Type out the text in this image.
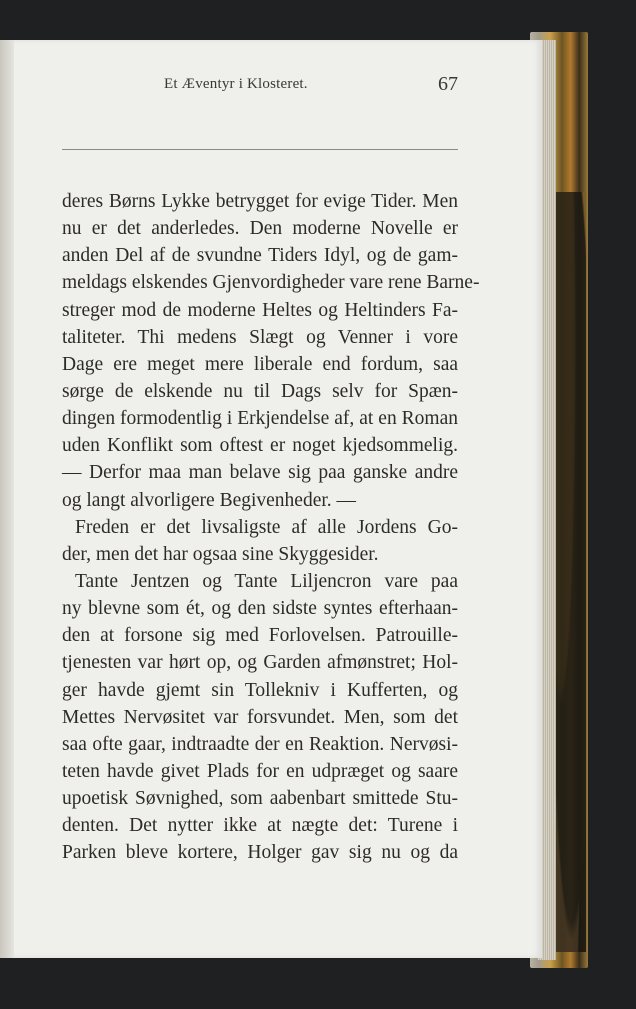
Et Æventyr i Klosteret.	67
deres Børns Lykke betrygget for evige Tider. Men
nu er det anderledes. Den moderne Novelle er
anden Del af de svundne Tiders Idyl, og de gam-
meldags elskendes Gjenvordigheder vare rene Barne-
streger mod de moderne Heltes og Heltinders Fa-
taliteter. Thi medens Slægt og Venner i vore
Dage ere meget mere liberale end fordum, saa
sørge de elskende nu til Dags selv for Spæn-
dingen formodentlig i Erkjendelse af, at en Roman
uden Konflikt som oftest er noget kjedsommelig.
— Derfor maa man belave sig paa ganske andre
og langt alvorligere Begivenheder. —
Freden er det livsaligste af alle Jordens Go-
der, men det har ogsaa sine Skyggesider.
Tante Jentzen og Tante Liljencron vare paa
ny blevne som ét, og den sidste syntes efterhaan-
den at forsone sig med Forlovelsen. Patrouille-
tjenesten var hørt op, og Garden afmønstret; Hol-
ger havde gjemt sin Tollekniv i Kufferten, og
Mettes Nervøsitet var forsvundet. Men, som det
saa ofte gaar, indtraadte der en Reaktion. Nervøsi-
teten havde givet Plads for en udpræget og saare
upoetisk Søvnighed, som aabenbart smittede Stu-
denten. Det nytter ikke at nægte det: Turene i
Parken bleve kortere, Holger gav sig nu og da
